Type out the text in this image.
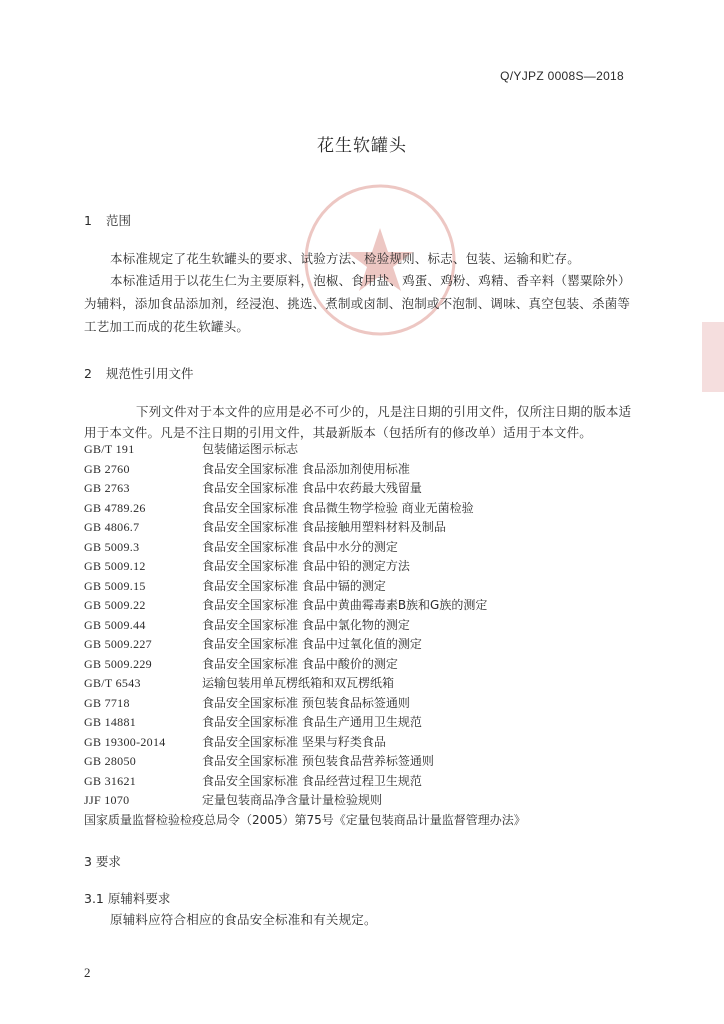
Q/YJPZ 0008S—2018
花生软罐头
1 范围
本标准规定了花生软罐头的要求、试验方法、检验规则、标志、包装、运输和贮存。
本标准适用于以花生仁为主要原料，泡椒、食用盐、鸡蛋、鸡粉、鸡精、香辛料（罂粟除外）
为辅料，添加食品添加剂，经浸泡、挑选、煮制或卤制、泡制或不泡制、调味、真空包装、杀菌等
工艺加工而成的花生软罐头。
2 规范性引用文件
下列文件对于本文件的应用是必不可少的，凡是注日期的引用文件，仅所注日期的版本适
用于本文件。凡是不注日期的引用文件，其最新版本（包括所有的修改单）适用于本文件。
GB/T 191	包装储运图示标志
GB 2760	食品安全国家标准 食品添加剂使用标准
GB 2763	食品安全国家标准 食品中农药最大残留量
GB 4789.26	食品安全国家标准 食品微生物学检验 商业无菌检验
GB 4806.7	食品安全国家标准 食品接触用塑料材料及制品
GB 5009.3	食品安全国家标准 食品中水分的测定
GB 5009.12	食品安全国家标准 食品中铅的测定方法
GB 5009.15	食品安全国家标准 食品中镉的测定
GB 5009.22	食品安全国家标准 食品中黄曲霉毒素B族和G族的测定
GB 5009.44	食品安全国家标准 食品中氯化物的测定
GB 5009.227	食品安全国家标准 食品中过氧化值的测定
GB 5009.229	食品安全国家标准 食品中酸价的测定
GB/T 6543	运输包装用单瓦楞纸箱和双瓦楞纸箱
GB 7718	食品安全国家标准 预包装食品标签通则
GB 14881	食品安全国家标准 食品生产通用卫生规范
GB 19300-2014	食品安全国家标准 坚果与籽类食品
GB 28050	食品安全国家标准 预包装食品营养标签通则
GB 31621	食品安全国家标准 食品经营过程卫生规范
JJF 1070	定量包装商品净含量计量检验规则
国家质量监督检验检疫总局令（2005）第75号《定量包装商品计量监督管理办法》
3 要求
3.1 原辅料要求
原辅料应符合相应的食品安全标准和有关规定。
2
